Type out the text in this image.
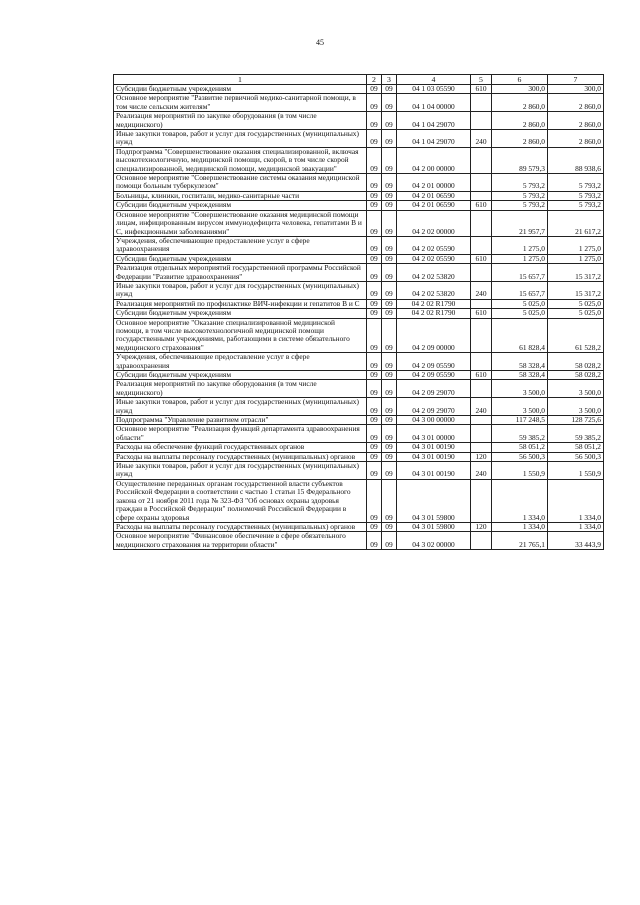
45
1	2	3	4	5	6	7
Субсидии бюджетным учреждениям	09	09	04 1 03 05590	610	300,0	300,0
Основное мероприятие "Развитие первичной медико-санитарной помощи, в том числе сельским жителям"	09	09	04 1 04 00000		2 860,0	2 860,0
Реализация мероприятий по закупке оборудования (в том числе медицинского)	09	09	04 1 04 29070		2 860,0	2 860,0
Иные закупки товаров, работ и услуг для государственных (муниципальных) нужд	09	09	04 1 04 29070	240	2 860,0	2 860,0
Подпрограмма "Совершенствование оказания специализированной, включая высокотехнологичную, медицинской помощи, скорой, в том числе скорой специализированной, медицинской помощи, медицинской эвакуации"	09	09	04 2 00 00000		89 579,3	88 938,6
Основное мероприятие "Совершенствование системы оказания медицинской помощи больным туберкулезом"	09	09	04 2 01 00000		5 793,2	5 793,2
Больницы, клиники, госпитали, медико-санитарные части	09	09	04 2 01 06590		5 793,2	5 793,2
Субсидии бюджетным учреждениям	09	09	04 2 01 06590	610	5 793,2	5 793,2
Основное мероприятие "Совершенствование оказания медицинской помощи лицам, инфицированным вирусом иммунодефицита человека, гепатитами В и С, инфекционными заболеваниями"	09	09	04 2 02 00000		21 957,7	21 617,2
Учреждения, обеспечивающие предоставление услуг в сфере здравоохранения	09	09	04 2 02 05590		1 275,0	1 275,0
Субсидии бюджетным учреждениям	09	09	04 2 02 05590	610	1 275,0	1 275,0
Реализация отдельных мероприятий государственной программы Российской Федерации "Развитие здравоохранения"	09	09	04 2 02 53820		15 657,7	15 317,2
Иные закупки товаров, работ и услуг для государственных (муниципальных) нужд	09	09	04 2 02 53820	240	15 657,7	15 317,2
Реализация мероприятий по профилактике ВИЧ-инфекции и гепатитов В и С	09	09	04 2 02 R1790		5 025,0	5 025,0
Субсидии бюджетным учреждениям	09	09	04 2 02 R1790	610	5 025,0	5 025,0
Основное мероприятие "Оказание специализированной медицинской помощи, в том числе высокотехнологичной медицинской помощи государственными учреждениями, работающими в системе обязательного медицинского страхования"	09	09	04 2 09 00000		61 828,4	61 528,2
Учреждения, обеспечивающие предоставление услуг в сфере здравоохранения	09	09	04 2 09 05590		58 328,4	58 028,2
Субсидии бюджетным учреждениям	09	09	04 2 09 05590	610	58 328,4	58 028,2
Реализация мероприятий по закупке оборудования (в том числе медицинского)	09	09	04 2 09 29070		3 500,0	3 500,0
Иные закупки товаров, работ и услуг для государственных (муниципальных) нужд	09	09	04 2 09 29070	240	3 500,0	3 500,0
Подпрограмма "Управление развитием отрасли"	09	09	04 3 00 00000		117 248,5	128 725,6
Основное мероприятие "Реализация функций департамента здравоохранения области"	09	09	04 3 01 00000		59 385,2	59 385,2
Расходы на обеспечение функций государственных органов	09	09	04 3 01 00190		58 051,2	58 051,2
Расходы на выплаты персоналу государственных (муниципальных) органов	09	09	04 3 01 00190	120	56 500,3	56 500,3
Иные закупки товаров, работ и услуг для государственных (муниципальных) нужд	09	09	04 3 01 00190	240	1 550,9	1 550,9
Осуществление переданных органам государственной власти субъектов Российской Федерации в соответствии с частью 1 статьи 15 Федерального закона от 21 ноября 2011 года № 323-ФЗ "Об основах охраны здоровья граждан в Российской Федерации" полномочий Российской Федерации в сфере охраны здоровья	09	09	04 3 01 59800		1 334,0	1 334,0
Расходы на выплаты персоналу государственных (муниципальных) органов	09	09	04 3 01 59800	120	1 334,0	1 334,0
Основное мероприятие "Финансовое обеспечение в сфере обязательного медицинского страхования на территории области"	09	09	04 3 02 00000		21 765,1	33 443,9
